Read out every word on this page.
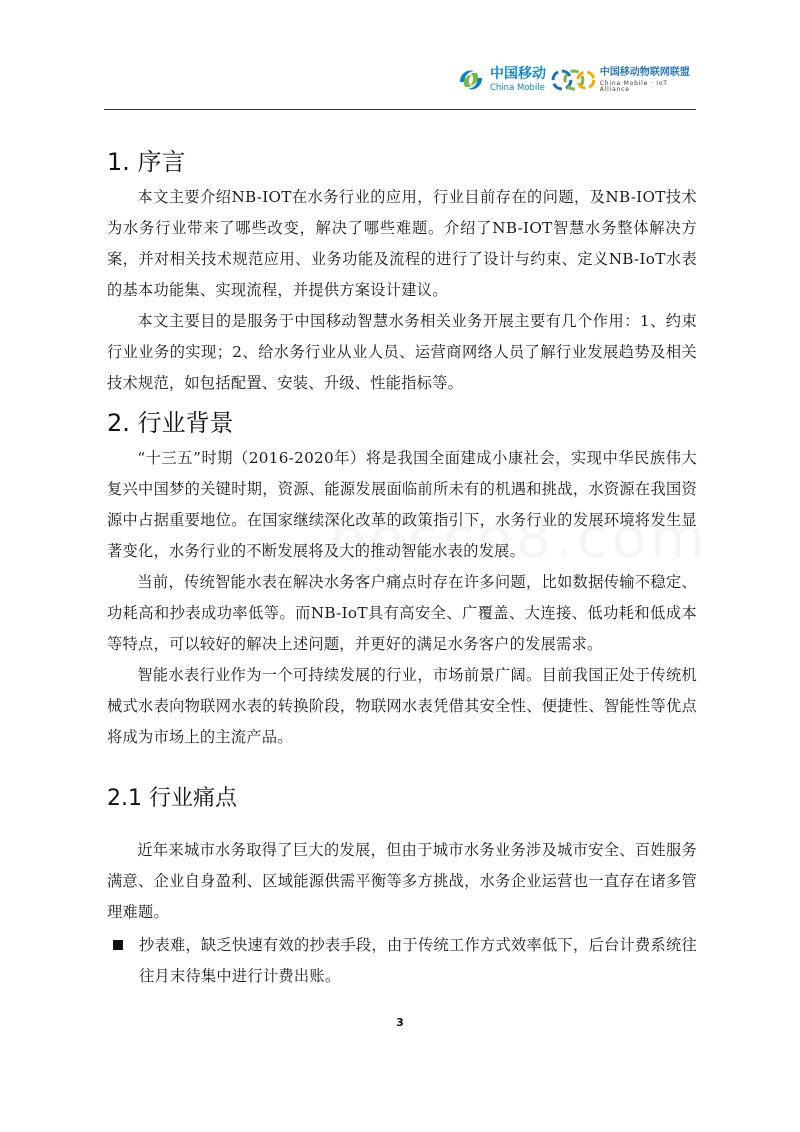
中国移动
China Mobile
中国移动物联网联盟
China Mobile · IoT Alliance
1. 序言

本文主要介绍NB-IOT在水务行业的应用，行业目前存在的问题，及NB-IOT技术为水务行业带来了哪些改变，解决了哪些难题。介绍了NB-IOT智慧水务整体解决方案，并对相关技术规范应用、业务功能及流程的进行了设计与约束、定义NB-IoT水表的基本功能集、实现流程，并提供方案设计建议。

本文主要目的是服务于中国移动智慧水务相关业务开展主要有几个作用：1、约束行业业务的实现；2、给水务行业从业人员、运营商网络人员了解行业发展趋势及相关技术规范，如包括配置、安装、升级、性能指标等。

2. 行业背景

“十三五”时期（2016-2020年）将是我国全面建成小康社会，实现中华民族伟大复兴中国梦的关键时期，资源、能源发展面临前所未有的机遇和挑战，水资源在我国资源中占据重要地位。在国家继续深化改革的政策指引下，水务行业的发展环境将发生显著变化，水务行业的不断发展将及大的推动智能水表的发展。

当前，传统智能水表在解决水务客户痛点时存在许多问题，比如数据传输不稳定、功耗高和抄表成功率低等。而NB-IoT具有高安全、广覆盖、大连接、低功耗和低成本等特点，可以较好的解决上述问题，并更好的满足水务客户的发展需求。

智能水表行业作为一个可持续发展的行业，市场前景广阔。目前我国正处于传统机械式水表向物联网水表的转换阶段，物联网水表凭借其安全性、便捷性、智能性等优点将成为市场上的主流产品。

2.1 行业痛点

近年来城市水务取得了巨大的发展，但由于城市水务业务涉及城市安全、百姓服务满意、企业自身盈利、区域能源供需平衡等多方挑战，水务企业运营也一直存在诸多管理难题。

抄表难，缺乏快速有效的抄表手段，由于传统工作方式效率低下，后台计费系统往往月末待集中进行计费出账。
3
